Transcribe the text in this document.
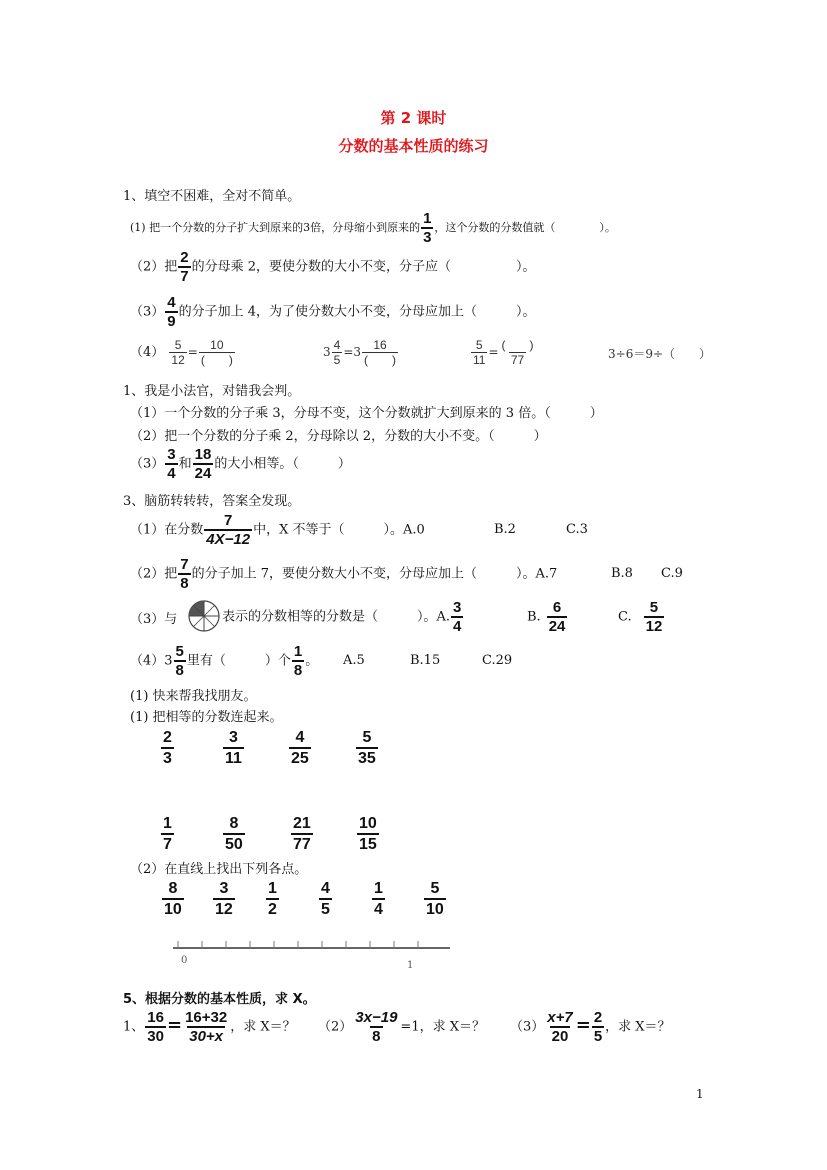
第 2 课时
分数的基本性质的练习
1、填空不困难，全对不简单。
(1) 把一个分数的分子扩大到原来的3倍，分母缩小到原来的 $\frac{1}{3}$ ，这个分数的分数值就（　　　　）。
（2）把 $\frac{2}{7}$ 的分母乘 2，要使分数的大小不变，分子应（　　　　　）。
$(3) \frac{4}{9}$ 的分子加上 4，为了使分数大小不变，分母应加上（　　　）。
$(4) \frac{5}{12} = \frac{10}{( )}$	$3 \frac{4}{5} =3 \frac{16}{( )}$	$\frac{5}{11} = \frac{( )}{77}$	3÷6＝9÷（　　）
1、我是小法官，对错我会判。
（1）一个分数的分子乘 3，分母不变，这个分数就扩大到原来的 3 倍。（　　　）
（2）把一个分数的分子乘 2，分母除以 2，分数的大小不变。（　　　）
$(3) \frac{3}{4}$ 和 $\frac{18}{24}$ 的大小相等。（　　　）
3、脑筋转转转，答案全发现。
（1）在分数 $\frac{7}{4X-12}$ 中，X 不等于（　　　）。A.0	B.2	C.3
（2）把 $\frac{7}{8}$ 的分子加上 7，要使分数大小不变，分母应加上（　　　）。A.7	B.8 C.9
（3）与	表示的分数相等的分数是（　　　）。A. $\frac{3}{4}$	B. $\frac{6}{24}$	C. $\frac{5}{12}$
$(4)3 \frac{5}{8}$ 里有（　　　）个 $\frac{1}{8}$ 。 A.5	B.15	C.29
(1) 快来帮我找朋友。
(1) 把相等的分数连起来。
$\frac{2}{3}$	$\frac{3}{11}$	$\frac{4}{25}$	$\frac{5}{35}$
$\frac{1}{7}$	$\frac{8}{50}$	$\frac{21}{77}$	$\frac{10}{15}$
（2）在直线上找出下列各点。
$\frac{8}{10} \frac{3}{12} \frac{1}{2}$	$\frac{4}{5}$	$\frac{1}{4} \frac{5}{10}$
0	1
5、根据分数的基本性质，求 X。
1、 $\frac{16}{30} = \frac{16+32}{30+x}$ ，求 X＝？ $(2) \frac{3x-19}{8} =1$，求 X＝？ $(3) \frac{x+7}{20} = \frac{2}{5}$ ，求 X＝？
1
